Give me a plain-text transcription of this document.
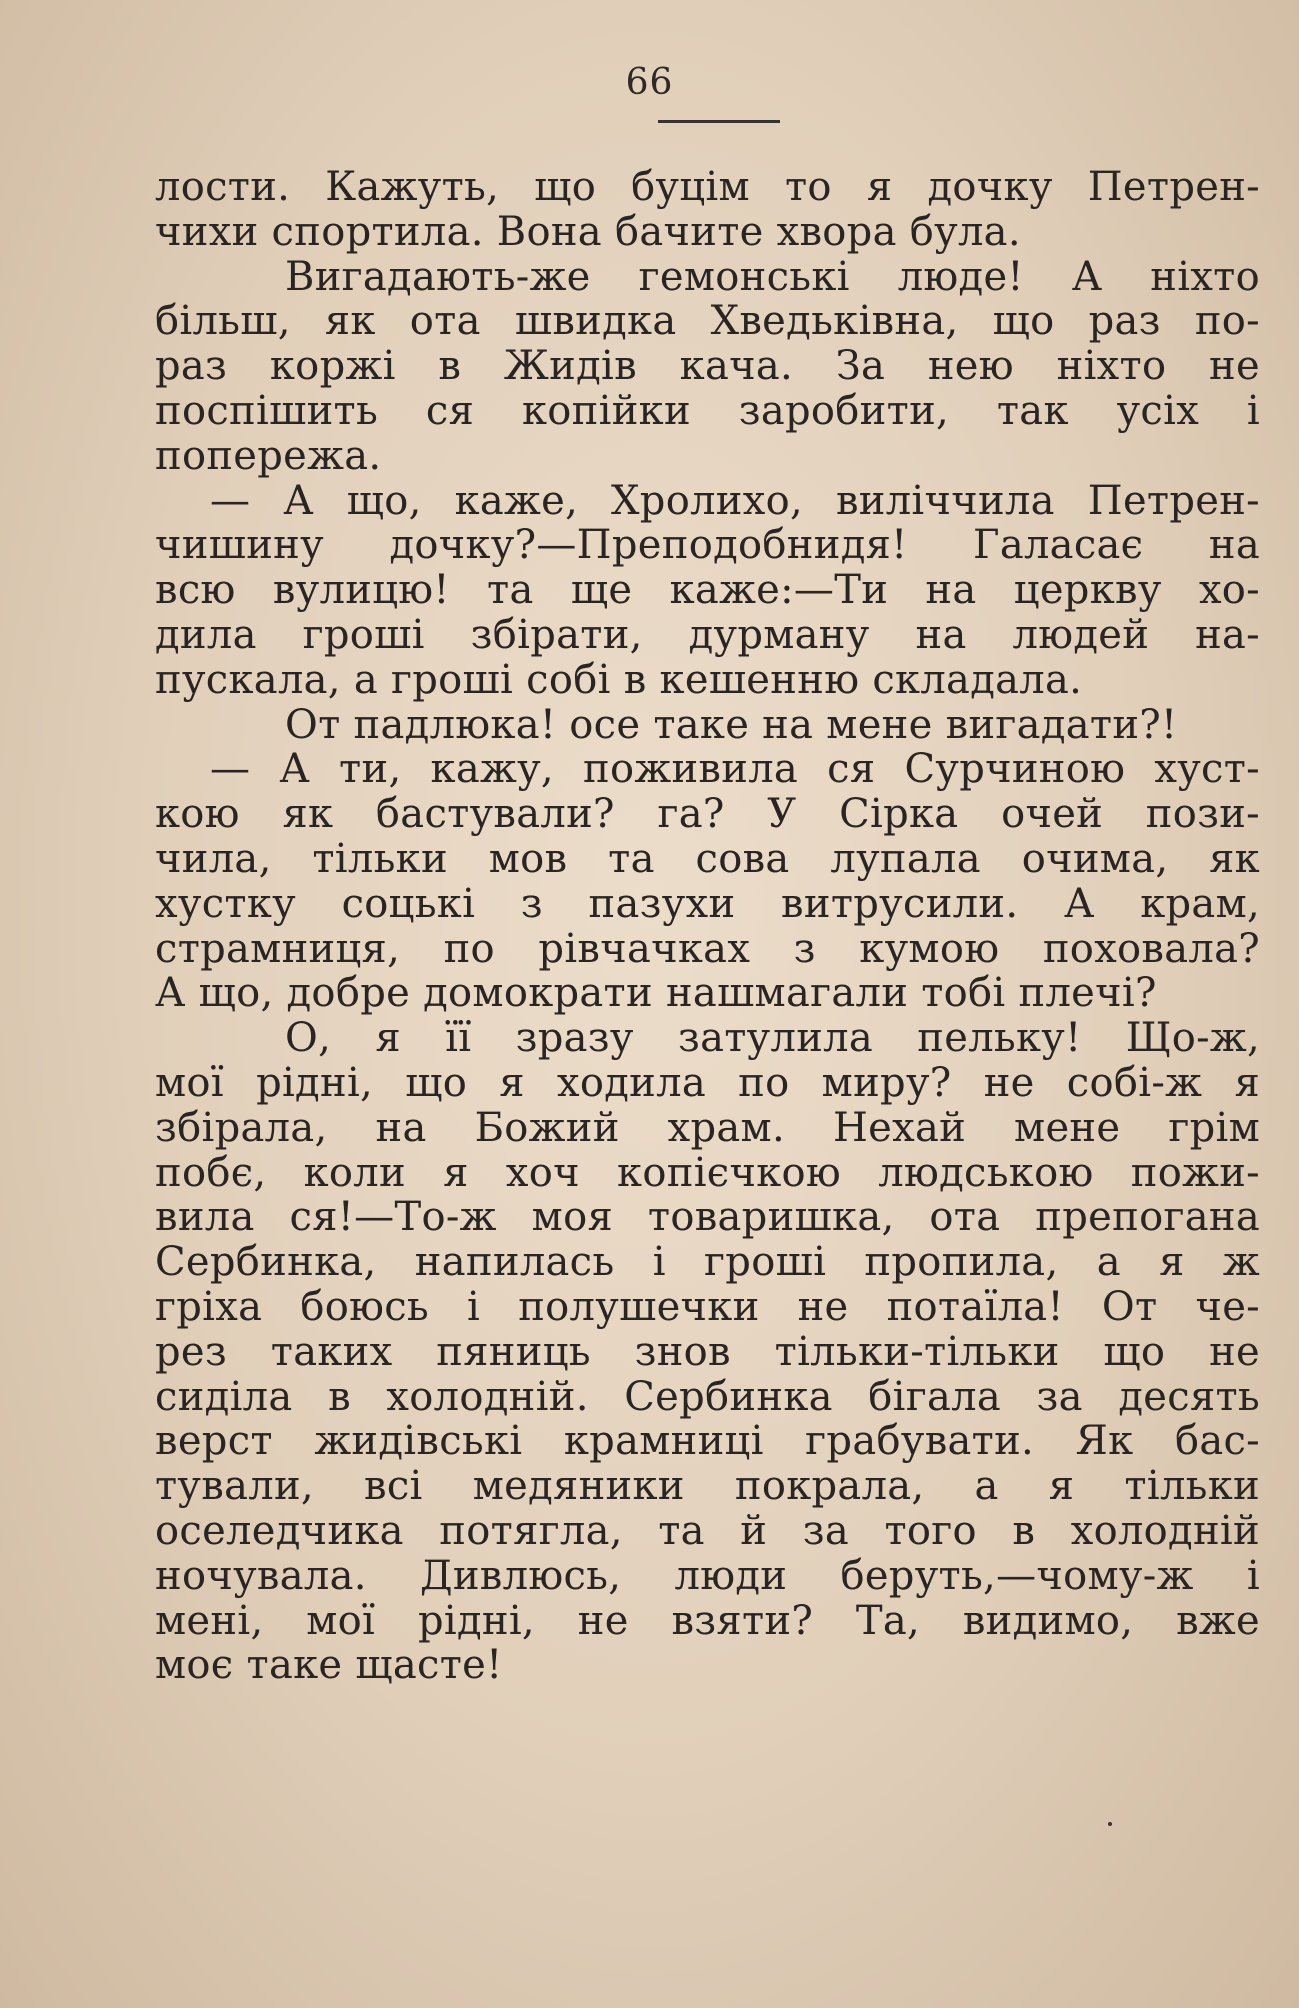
66
лости. Кажуть, що буцім то я дочку Петрен-
чихи спортила. Вона бачите хвора була.
Вигадають-же гемонські люде! А ніхто
більш, як ота швидка Хведьківна, що раз по-
раз коржі в Жидів кача. За нею ніхто не
поспішить ся копійки заробити, так усіх і
попережа.
— А що, каже, Хролихо, виліччила Петрен-
чишину дочку?—Преподобнидя! Галасає на
всю вулицю! та ще каже:—Ти на церкву хо-
дила гроші збірати, дурману на людей на-
пускала, а гроші собі в кешенню складала.
От падлюка! осе таке на мене вигадати?!
— А ти, кажу, поживила ся Сурчиною хуст-
кою як бастували? га? У Сірка очей пози-
чила, тільки мов та сова лупала очима, як
хустку соцькі з пазухи витрусили. А крам,
страмниця, по рівчачках з кумою поховала?
А що, добре домократи нашмагали тобі плечі?
О, я її зразу затулила пельку! Що-ж,
мої рідні, що я ходила по миру? не собі-ж я
збірала, на Божий храм. Нехай мене грім
побє, коли я хоч копієчкою людською пожи-
вила ся!—То-ж моя товаришка, ота препогана
Сербинка, напилась і гроші пропила, а я ж
гріха боюсь і полушечки не потаїла! От че-
рез таких пяниць знов тільки-тільки що не
сиділа в холодній. Сербинка бігала за десять
верст жидівські крамниці грабувати. Як бас-
тували, всі медяники покрала, а я тільки
оселедчика потягла, та й за того в холодній
ночувала. Дивлюсь, люди беруть,—чому-ж і
мені, мої рідні, не взяти? Та, видимо, вже
моє таке щасте!
